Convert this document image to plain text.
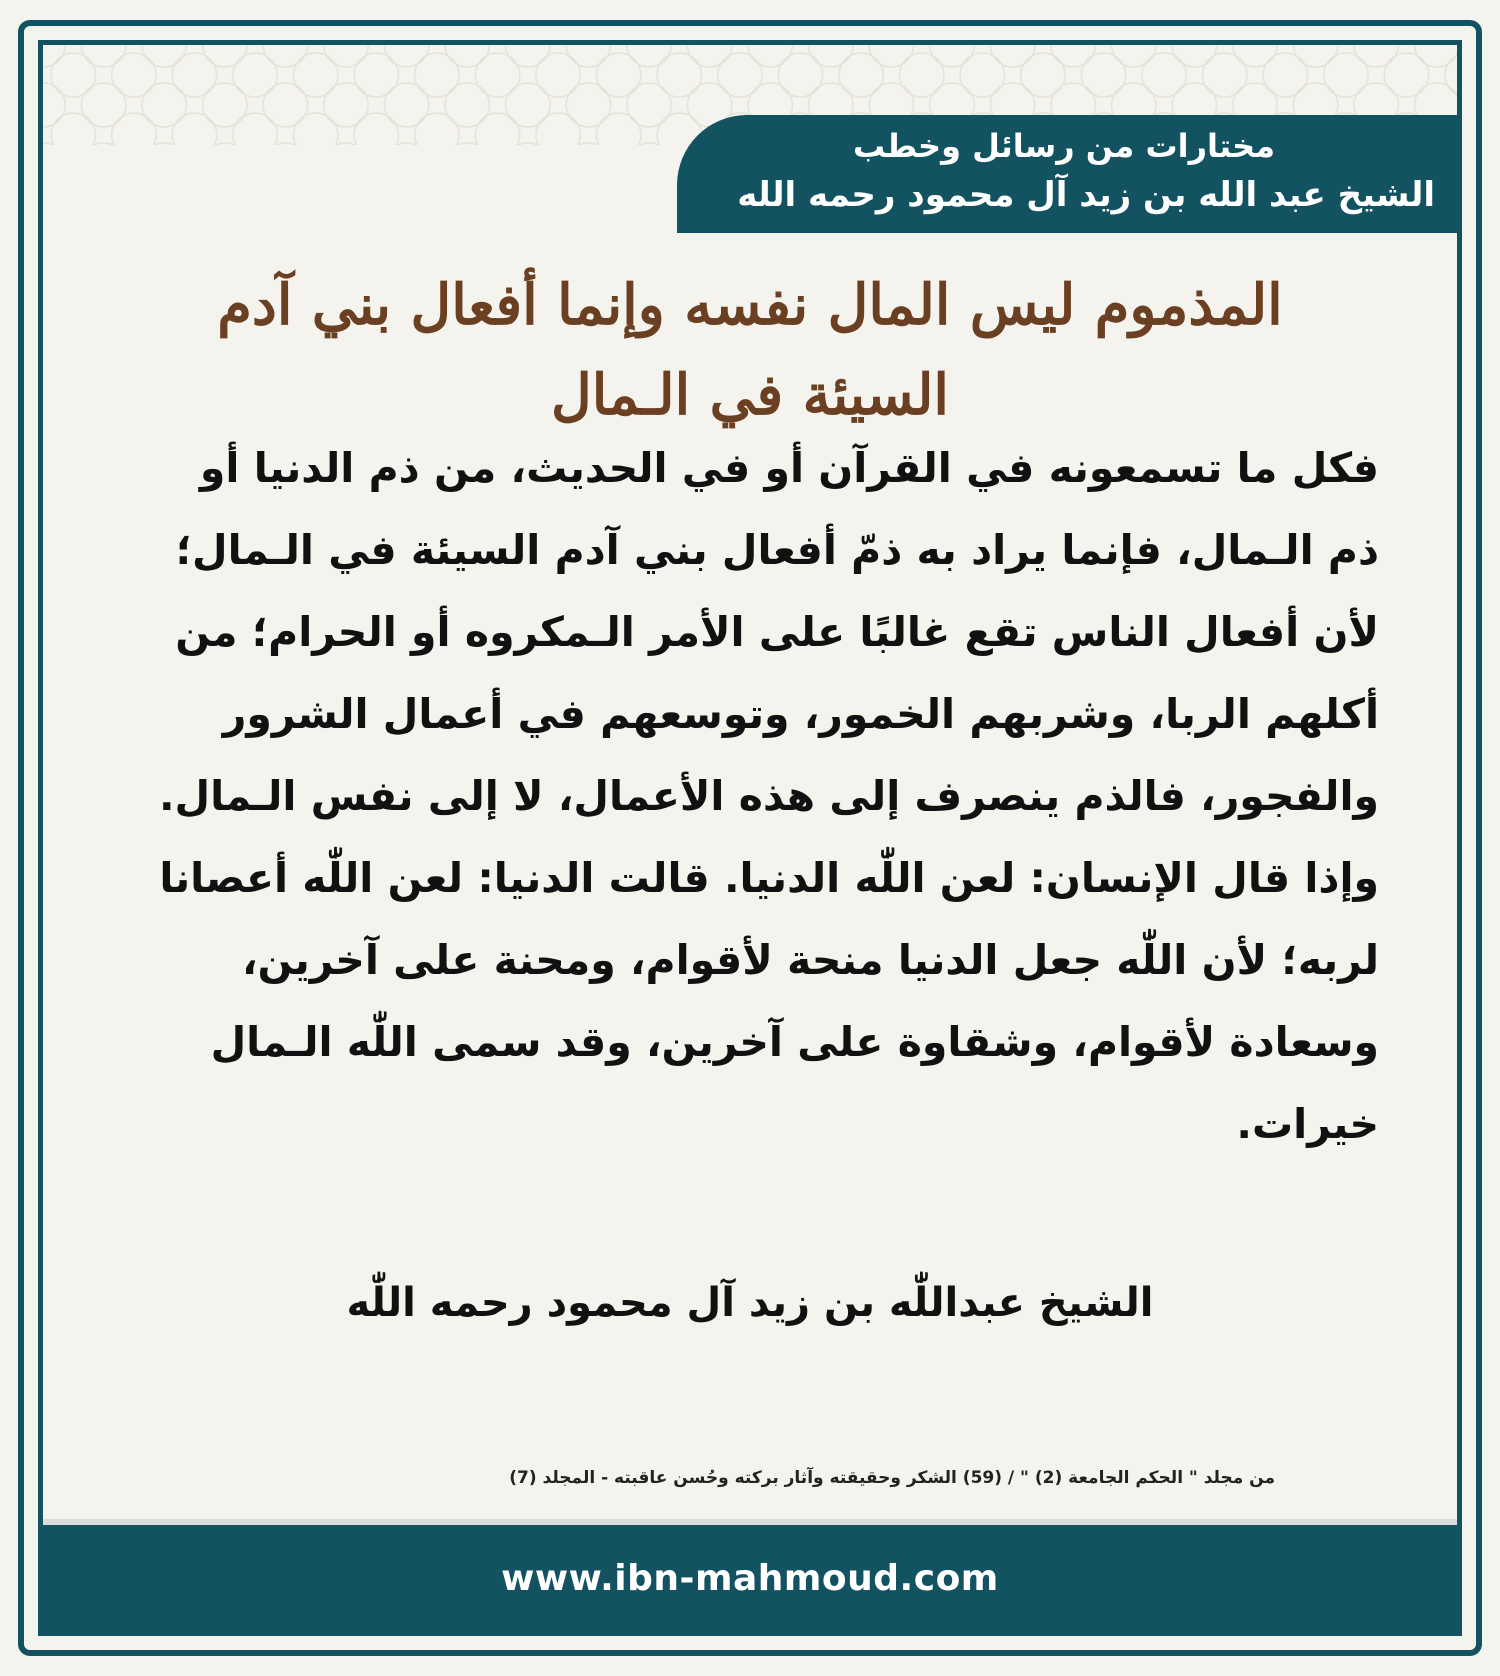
مختارات من رسائل وخطب
الشيخ عبد الله بن زيد آل محمود رحمه الله
المذموم ليس المال نفسه وإنما أفعال بني آدم
السيئة في الـمال
فكل ما تسمعونه في القرآن أو في الحديث، من ذم الدنيا أو
ذم الـمال، فإنما يراد به ذمّ أفعال بني آدم السيئة في الـمال؛
لأن أفعال الناس تقع غالبًا على الأمر الـمكروه أو الحرام؛ من
أكلهم الربا، وشربهم الخمور، وتوسعهم في أعمال الشرور
والفجور، فالذم ينصرف إلى هذه الأعمال، لا إلى نفس الـمال.
وإذا قال الإنسان: لعن اللّٰه الدنيا. قالت الدنيا: لعن اللّٰه أعصانا
لربه؛ لأن اللّٰه جعل الدنيا منحة لأقوام، ومحنة على آخرين،
وسعادة لأقوام، وشقاوة على آخرين، وقد سمى اللّٰه الـمال
خيرات.
الشيخ عبداللّٰه بن زيد آل محمود رحمه اللّٰه
من مجلد " الحكم الجامعة (2) " / (59) الشكر وحقيقته وآثار بركته وحُسن عاقبته - المجلد (7)
www.ibn-mahmoud.com
